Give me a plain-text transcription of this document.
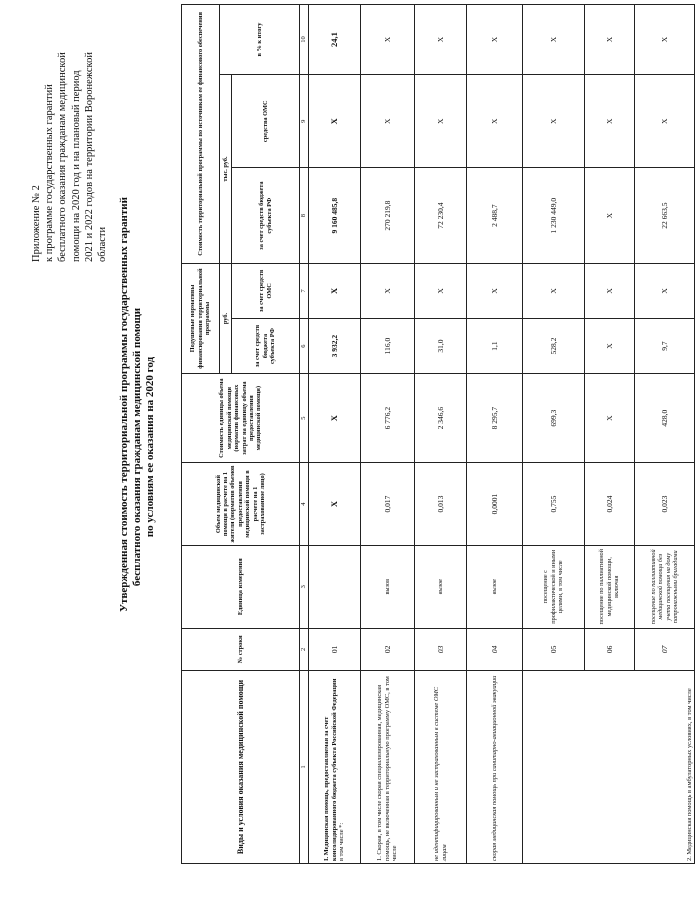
Приложение № 2 к программе государственных гарантий бесплатного оказания гражданам медицинской помощи на 2020 год и на плановый период 2021 и 2022 годов на территории Воронежской области Утвержденная стоимость территориальной программы государственных гарантий бесплатного оказания гражданам медицинской помощи по условиям ее оказания на 2020 год
Виды и условия оказания медицинской помощи	№ строки	Единица измерения	Объем медицинской помощи в расчете на 1 жителя (норматив объемов предоставления медицинской помощи в расчете на 1 застрахованное лицо)	Стоимость единицы объема медицинской помощи (норматив финансовых затрат на единицу объема предоставления медицинской помощи)	Подушевые нормативы финансирования территориальной программы		Стоимость территориальной программы по источникам ее финансового обеспечения		
					руб.		тыс. руб.		в % к итогу
					за счет средств бюджета субъекта РФ	за счет средств ОМС	за счет средств бюджета субъекта РФ	средства ОМС	
1	2	3	4	5	6	7	8	9	10
I. Медицинская помощь, предоставляемая за счет консолидированного бюджета субъекта Российской Федерации
в том числе *:	01		X	X	3 932,2	X	9 160 485,8	X	24,1
1. Скорая, в том числе скорая специализированная, медицинская помощь, не включенная в территориальную программу ОМС, в том числе	02	вызов	0,017	6 776,2	116,0	X	270 219,8	X	X
не идентифицированным и не застрахованным в системе ОМС лицам	03	вызов	0,013	2 346,6	31,0	X	72 230,4	X	X
скорая медицинская помощь при санитарно-авиационной эвакуации	04	вызов	0,0001	8 295,7	1,1	X	2 488,7	X	X
2. Медицинская помощь в амбулаторных условиях, в том числе	05	посещение с профилактической и иными целями, в том числе	0,755	699,3	528,2	X	1 230 449,0	X	X
	06	посещение по паллиативной медицинской помощи, включая	0,024	X	X	X	X	X	X
	07	посещение по паллиативной медицинской помощи без учета посещения на дому патронажными бригадами	0,023	428,0	9,7	X	22 663,5	X	X
